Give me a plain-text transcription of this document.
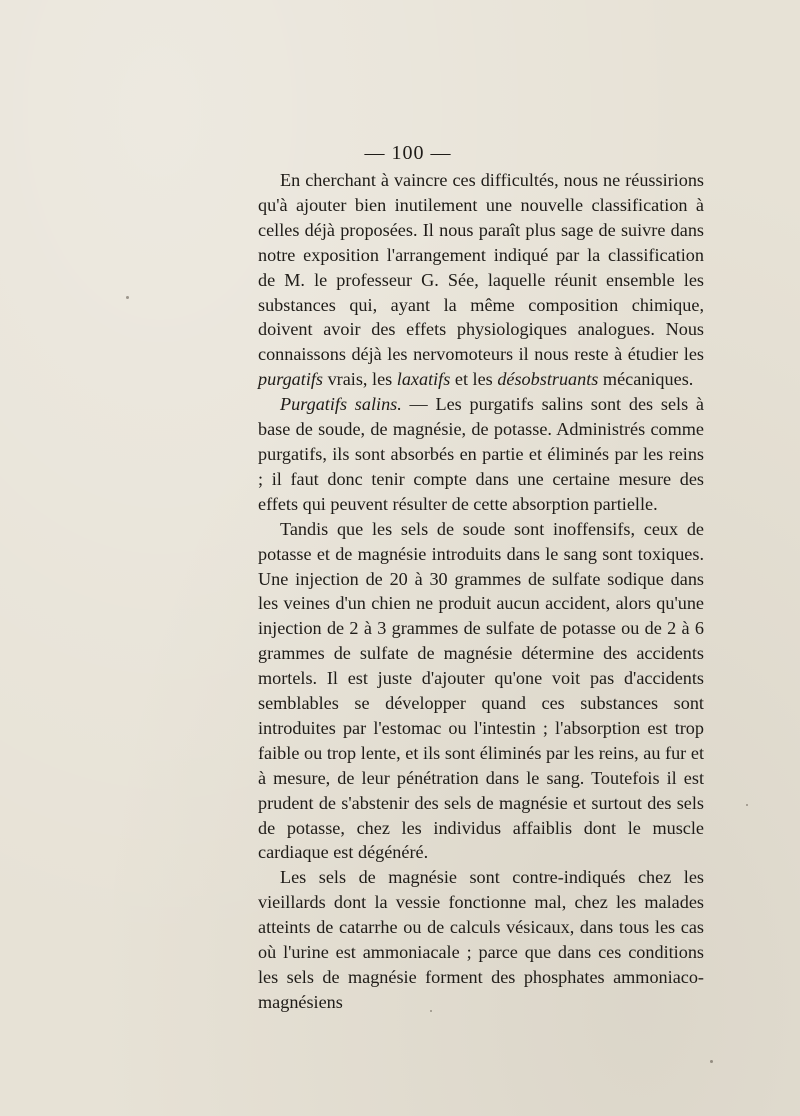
— 100 —

En cherchant à vaincre ces difficultés, nous ne réussirions qu'à ajouter bien inutilement une nouvelle classification à celles déjà proposées. Il nous paraît plus sage de suivre dans notre exposition l'arrangement indiqué par la classification de M. le professeur G. Sée, laquelle réunit ensemble les substances qui, ayant la même composition chimique, doivent avoir des effets physiologiques analogues. Nous connaissons déjà les nervomoteurs il nous reste à étudier les purgatifs vrais, les laxatifs et les désobstruants mécaniques.

Purgatifs salins. — Les purgatifs salins sont des sels à base de soude, de magnésie, de potasse. Administrés comme purgatifs, ils sont absorbés en partie et éliminés par les reins ; il faut donc tenir compte dans une certaine mesure des effets qui peuvent résulter de cette absorption partielle.

Tandis que les sels de soude sont inoffensifs, ceux de potasse et de magnésie introduits dans le sang sont toxiques. Une injection de 20 à 30 grammes de sulfate sodique dans les veines d'un chien ne produit aucun accident, alors qu'une injection de 2 à 3 grammes de sulfate de potasse ou de 2 à 6 grammes de sulfate de magnésie détermine des accidents mortels. Il est juste d'ajouter qu'one voit pas d'accidents semblables se développer quand ces substances sont introduites par l'estomac ou l'intestin ; l'absorption est trop faible ou trop lente, et ils sont éliminés par les reins, au fur et à mesure, de leur pénétration dans le sang. Toutefois il est prudent de s'abstenir des sels de magnésie et surtout des sels de potasse, chez les individus affaiblis dont le muscle cardiaque est dégénéré.

Les sels de magnésie sont contre-indiqués chez les vieillards dont la vessie fonctionne mal, chez les malades atteints de catarrhe ou de calculs vésicaux, dans tous les cas où l'urine est ammoniacale ; parce que dans ces conditions les sels de magnésie forment des phosphates ammoniaco-magnésiens
